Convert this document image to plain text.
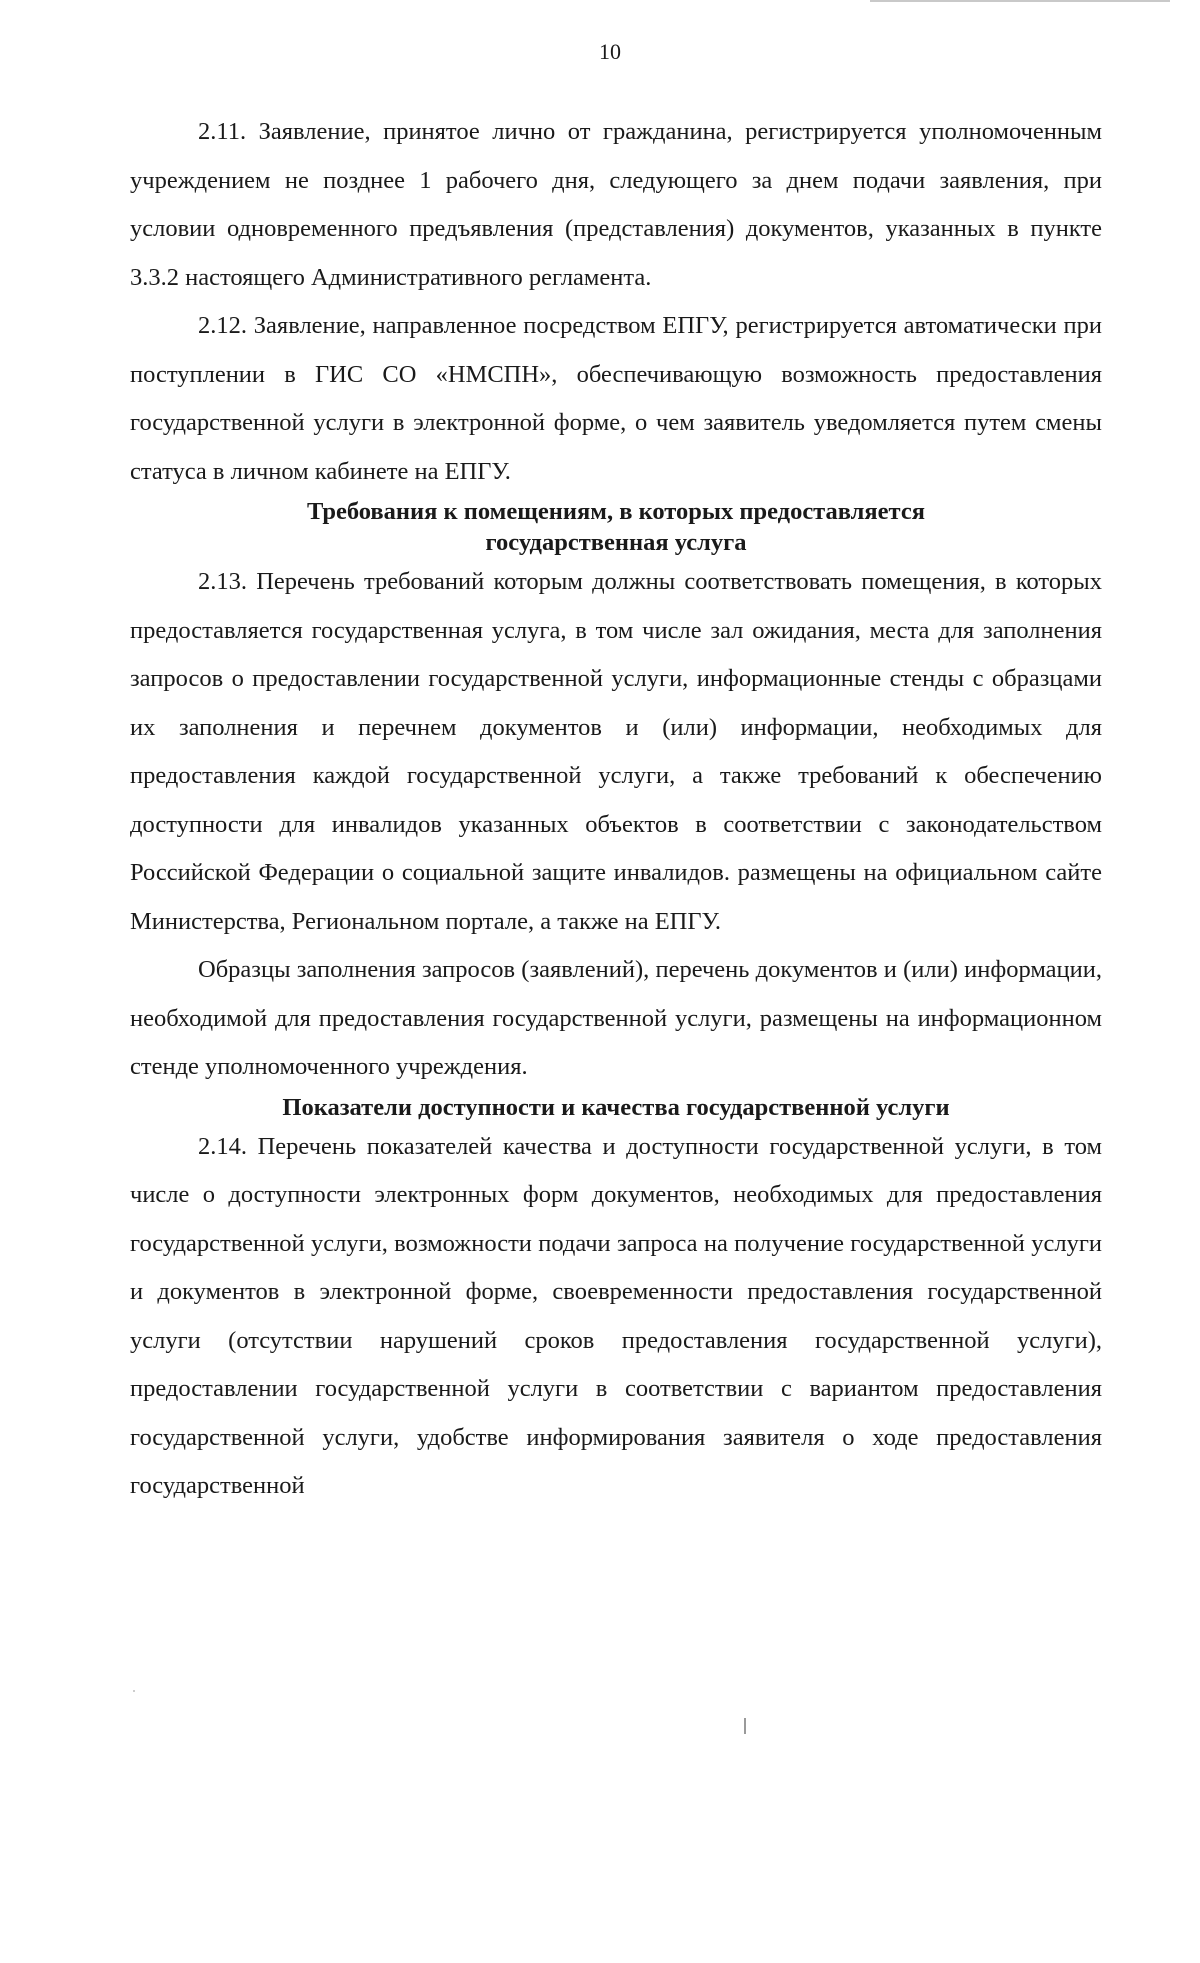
10

2.11. Заявление, принятое лично от гражданина, регистрируется уполномоченным учреждением не позднее 1 рабочего дня, следующего за днем подачи заявления, при условии одновременного предъявления (представления) документов, указанных в пункте 3.3.2 настоящего Административного регламента.

2.12. Заявление, направленное посредством ЕПГУ, регистрируется автоматически при поступлении в ГИС СО «НМСПН», обеспечивающую возможность предоставления государственной услуги в электронной форме, о чем заявитель уведомляется путем смены статуса в личном кабинете на ЕПГУ.

Требования к помещениям, в которых предоставляется государственная услуга

2.13. Перечень требований которым должны соответствовать помещения, в которых предоставляется государственная услуга, в том числе зал ожидания, места для заполнения запросов о предоставлении государственной услуги, информационные стенды с образцами их заполнения и перечнем документов и (или) информации, необходимых для предоставления каждой государственной услуги, а также требований к обеспечению доступности для инвалидов указанных объектов в соответствии с законодательством Российской Федерации о социальной защите инвалидов. размещены на официальном сайте Министерства, Региональном портале, а также на ЕПГУ.

Образцы заполнения запросов (заявлений), перечень документов и (или) информации, необходимой для предоставления государственной услуги, размещены на информационном стенде уполномоченного учреждения.

Показатели доступности и качества государственной услуги

2.14. Перечень показателей качества и доступности государственной услуги, в том числе о доступности электронных форм документов, необходимых для предоставления государственной услуги, возможности подачи запроса на получение государственной услуги и документов в электронной форме, своевременности предоставления государственной услуги (отсутствии нарушений сроков предоставления государственной услуги), предоставлении государственной услуги в соответствии с вариантом предоставления государственной услуги, удобстве информирования заявителя о ходе предоставления государственной
